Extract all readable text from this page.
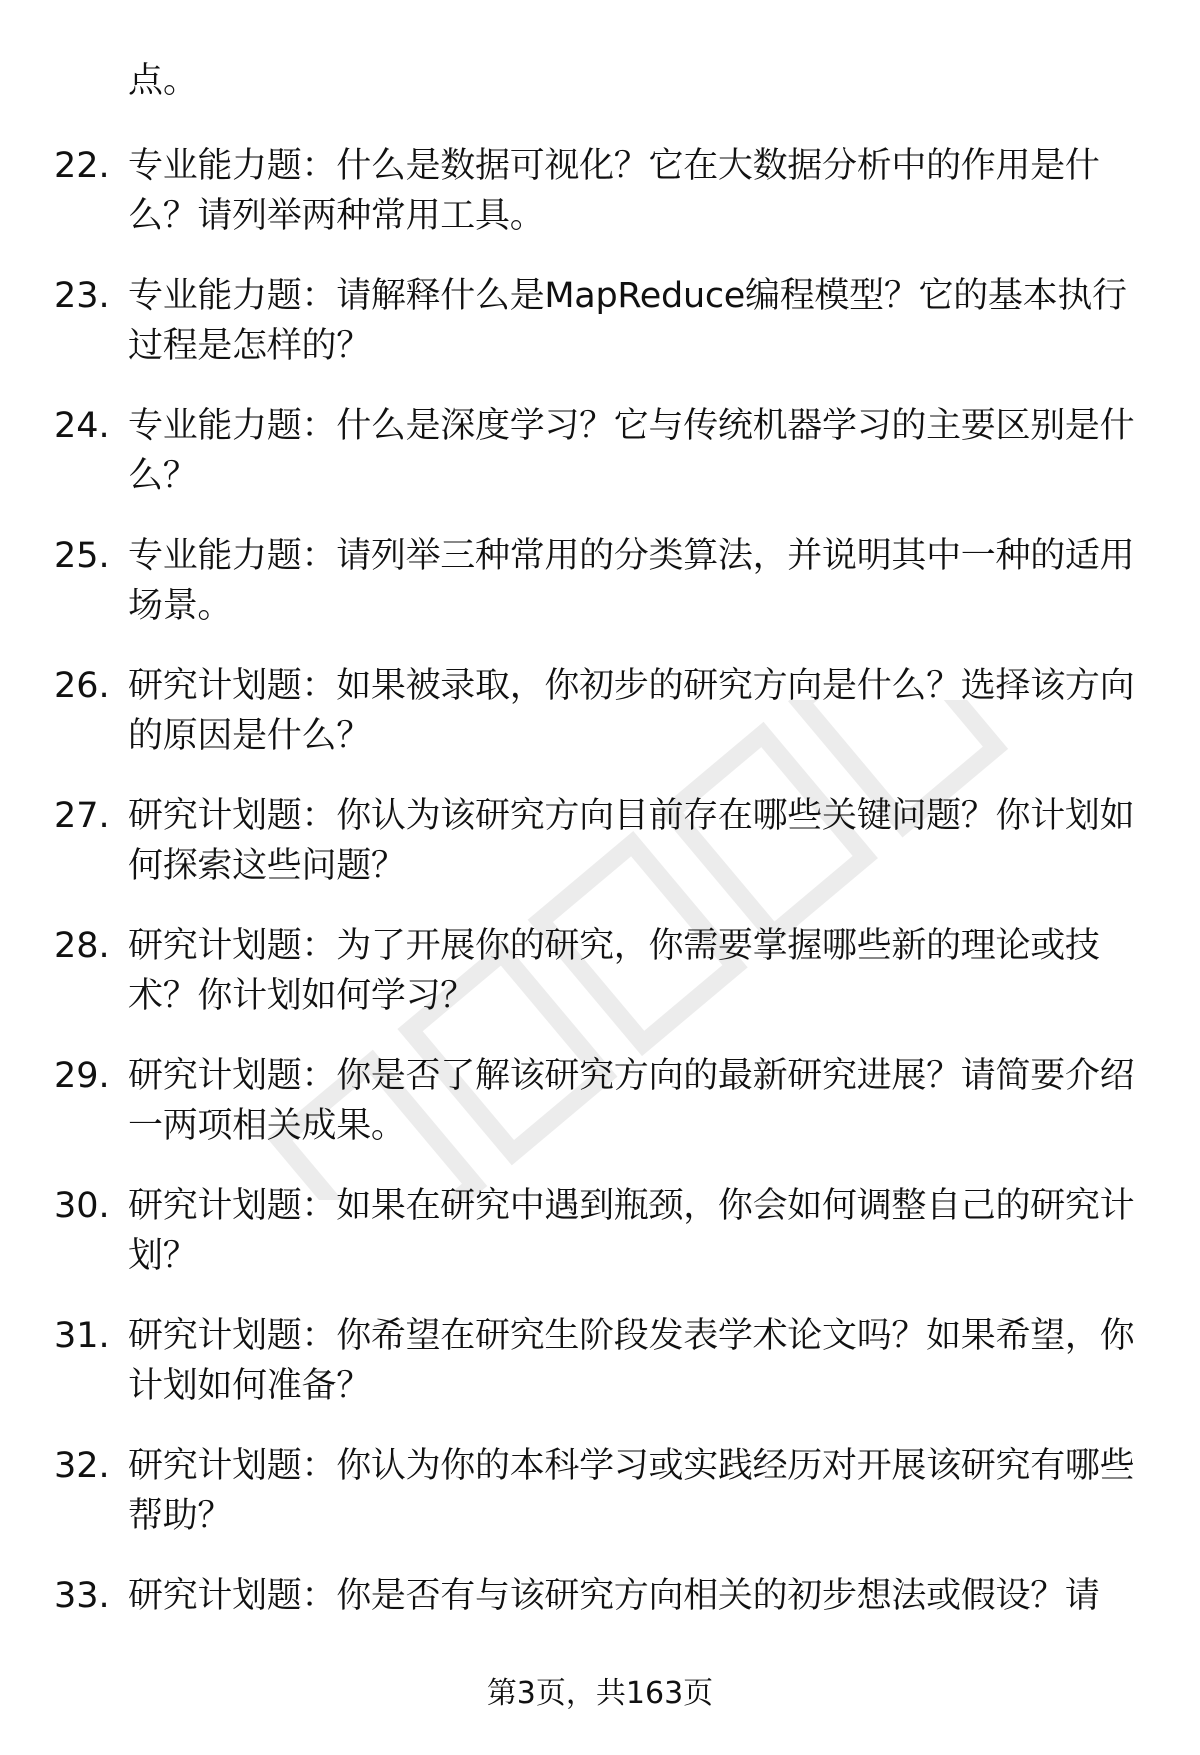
点。

22. 专业能力题：什么是数据可视化？它在大数据分析中的作用是什么？请列举两种常用工具。
23. 专业能力题：请解释什么是MapReduce编程模型？它的基本执行过程是怎样的？
24. 专业能力题：什么是深度学习？它与传统机器学习的主要区别是什么？
25. 专业能力题：请列举三种常用的分类算法，并说明其中一种的适用场景。
26. 研究计划题：如果被录取，你初步的研究方向是什么？选择该方向的原因是什么？
27. 研究计划题：你认为该研究方向目前存在哪些关键问题？你计划如何探索这些问题？
28. 研究计划题：为了开展你的研究，你需要掌握哪些新的理论或技术？你计划如何学习？
29. 研究计划题：你是否了解该研究方向的最新研究进展？请简要介绍一两项相关成果。
30. 研究计划题：如果在研究中遇到瓶颈，你会如何调整自己的研究计划？
31. 研究计划题：你希望在研究生阶段发表学术论文吗？如果希望，你计划如何准备？
32. 研究计划题：你认为你的本科学习或实践经历对开展该研究有哪些帮助？
33. 研究计划题：你是否有与该研究方向相关的初步想法或假设？请
第3页，共163页
